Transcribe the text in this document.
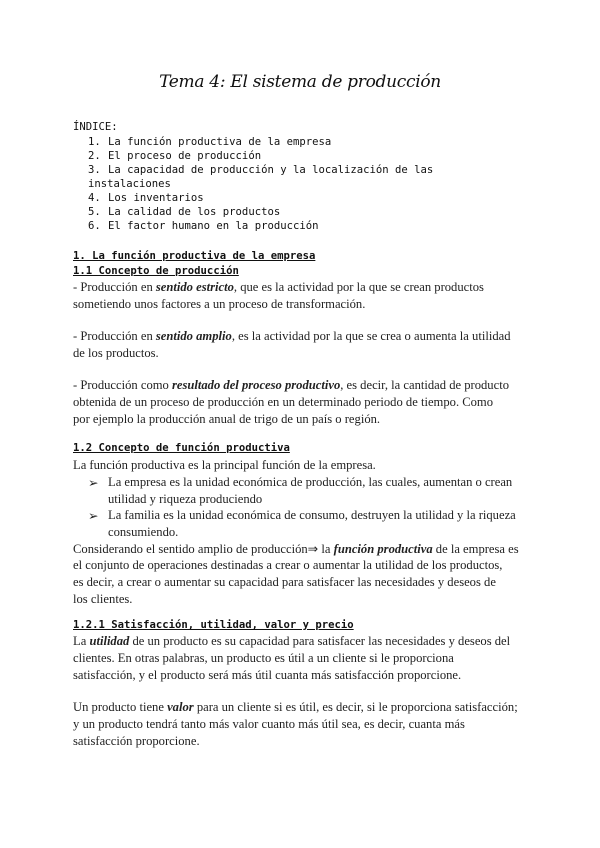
Tema 4: El sistema de producción
ÍNDICE:
1. La función productiva de la empresa
2. El proceso de producción
3. La capacidad de producción y la localización de las
instalaciones
4. Los inventarios
5. La calidad de los productos
6. El factor humano en la producción
1. La función productiva de la empresa
1.1 Concepto de producción
- Producción en sentido estricto, que es la actividad por la que se crean productos
sometiendo unos factores a un proceso de transformación.
- Producción en sentido amplio, es la actividad por la que se crea o aumenta la utilidad
de los productos.
- Producción como resultado del proceso productivo, es decir, la cantidad de producto
obtenida de un proceso de producción en un determinado periodo de tiempo. Como
por ejemplo la producción anual de trigo de un país o región.
1.2 Concepto de función productiva
La función productiva es la principal función de la empresa.
➢ La empresa es la unidad económica de producción, las cuales, aumentan o crean
utilidad y riqueza produciendo
➢ La familia es la unidad económica de consumo, destruyen la utilidad y la riqueza
consumiendo.
Considerando el sentido amplio de producción⇒ la función productiva de la empresa es
el conjunto de operaciones destinadas a crear o aumentar la utilidad de los productos,
es decir, a crear o aumentar su capacidad para satisfacer las necesidades y deseos de
los clientes.
1.2.1 Satisfacción, utilidad, valor y precio
La utilidad de un producto es su capacidad para satisfacer las necesidades y deseos del
clientes. En otras palabras, un producto es útil a un cliente si le proporciona
satisfacción, y el producto será más útil cuanta más satisfacción proporcione.
Un producto tiene valor para un cliente si es útil, es decir, si le proporciona satisfacción;
y un producto tendrá tanto más valor cuanto más útil sea, es decir, cuanta más
satisfacción proporcione.
